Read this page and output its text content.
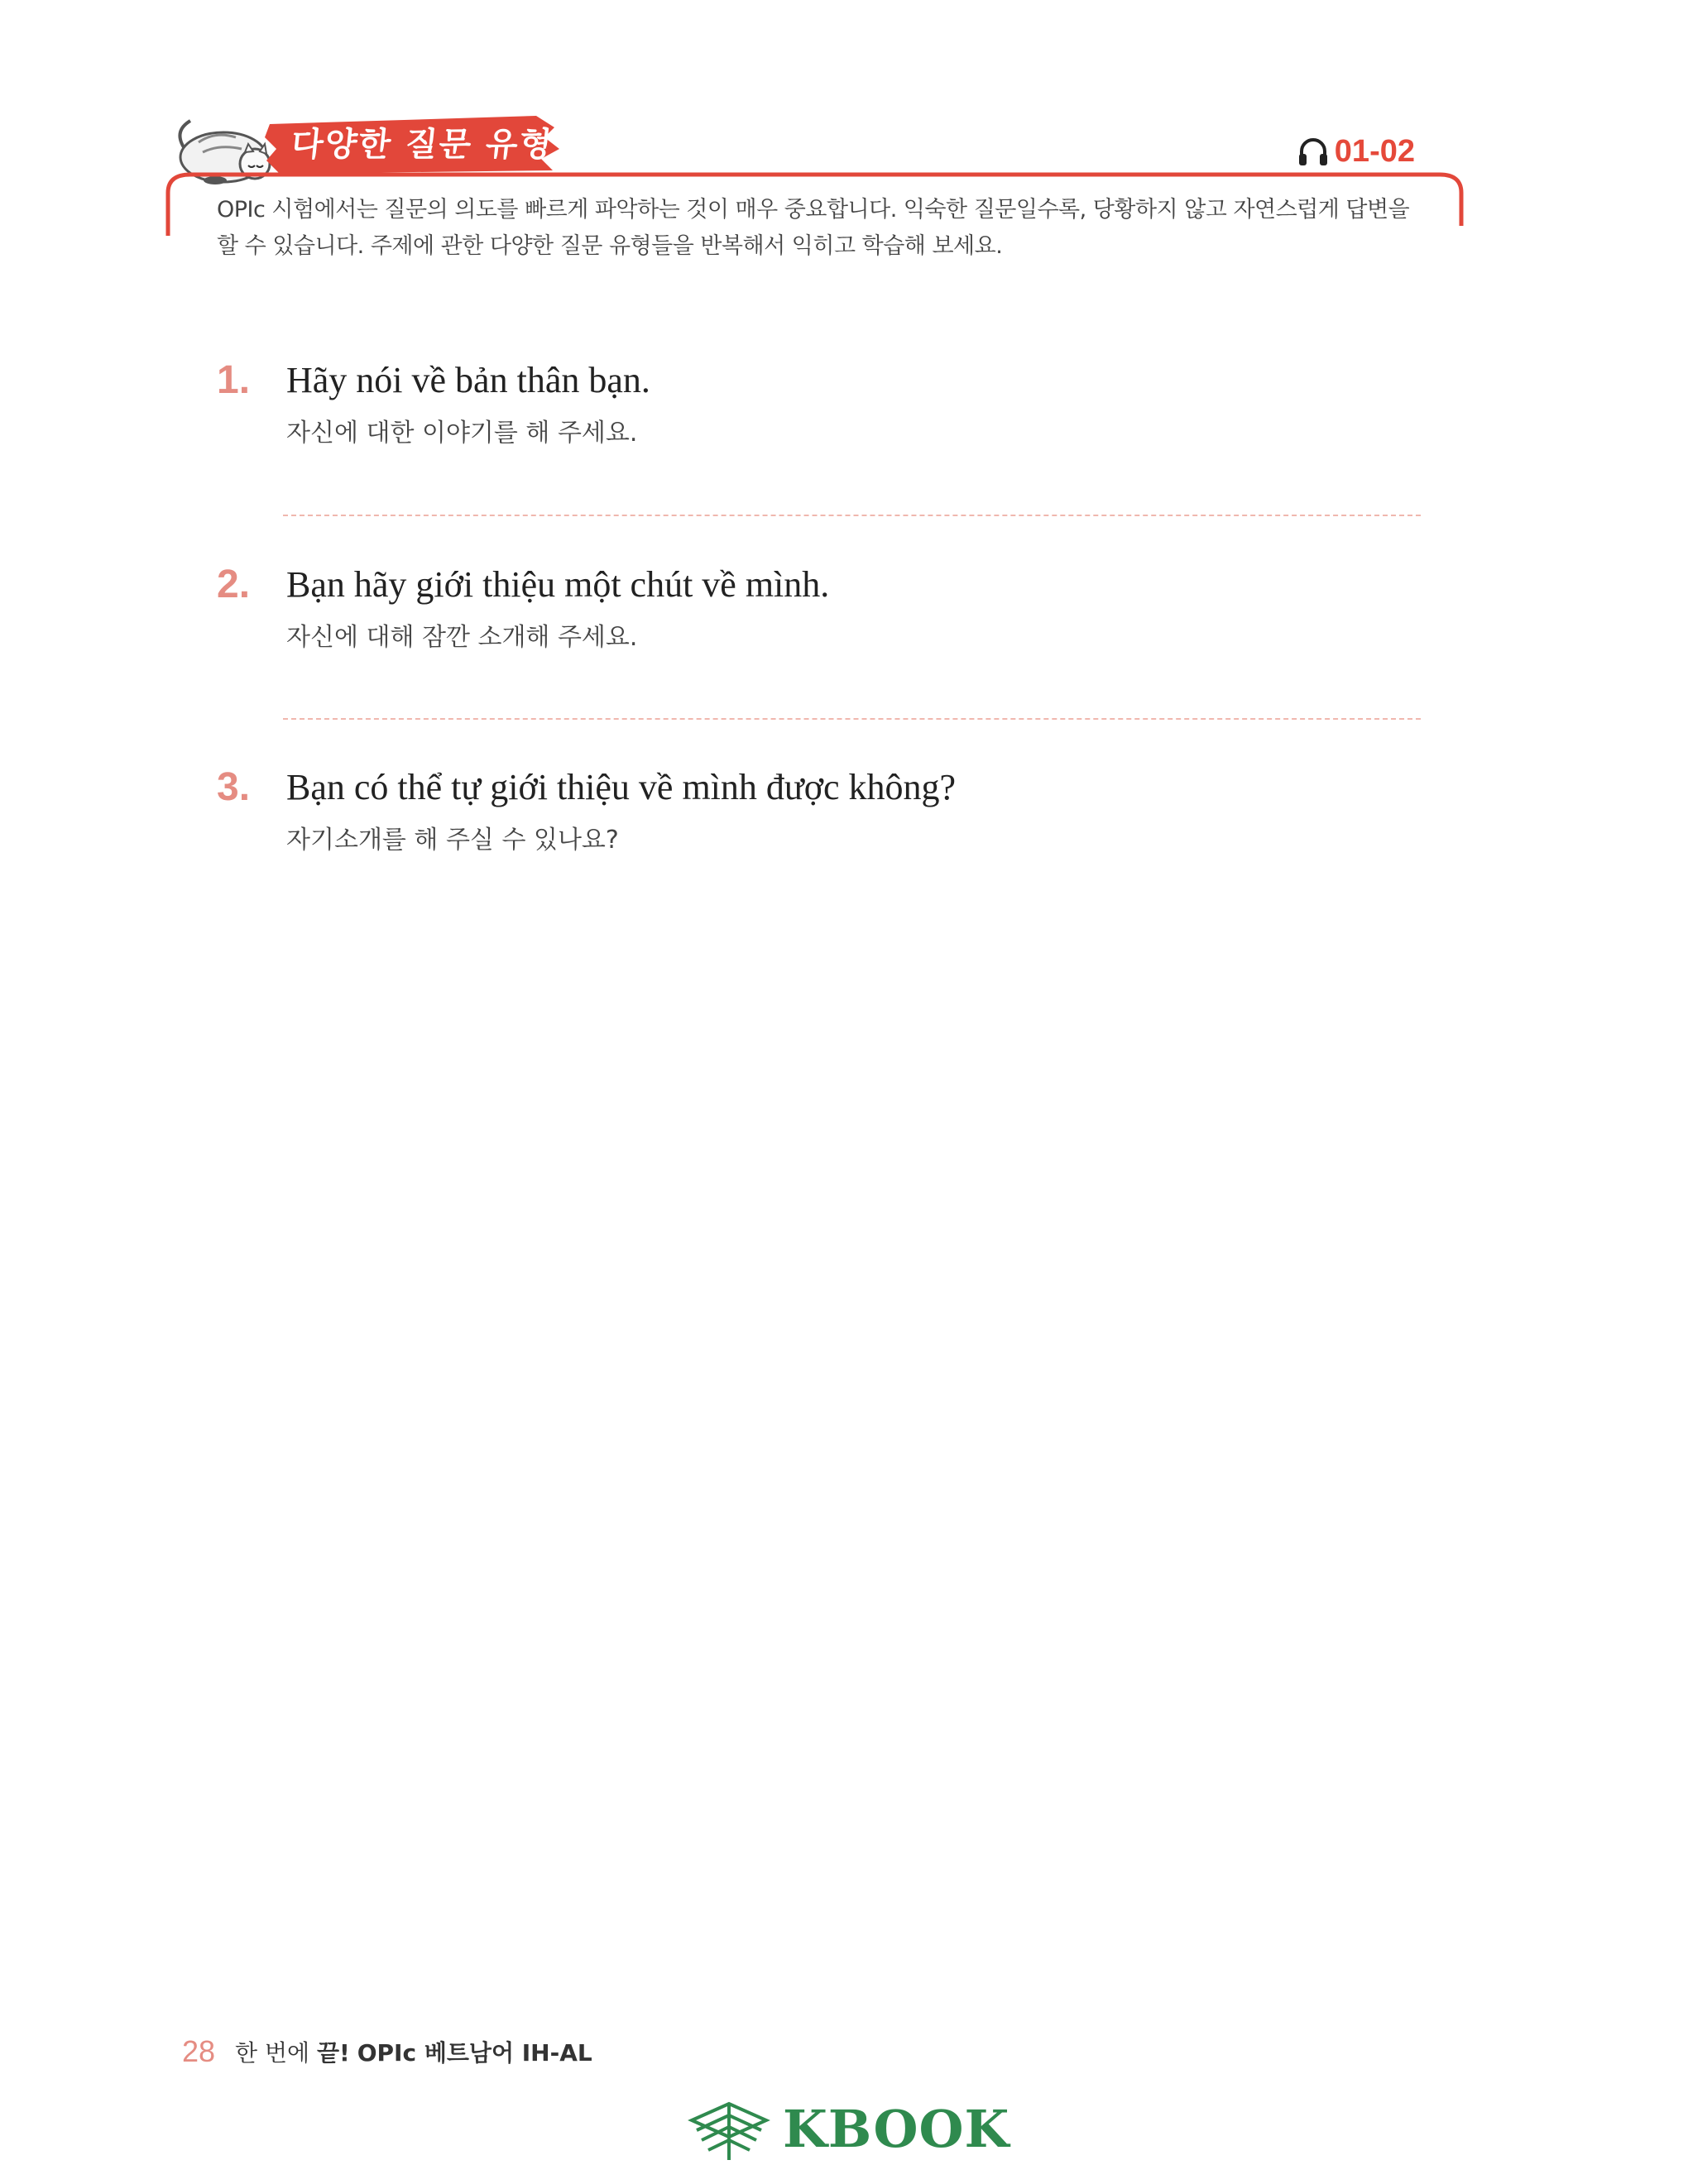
다양한 질문 유형	01-02
OPIc 시험에서는 질문의 의도를 빠르게 파악하는 것이 매우 중요합니다. 익숙한 질문일수록, 당황하지 않고 자연스럽게 답변을 할 수 있습니다. 주제에 관한 다양한 질문 유형들을 반복해서 익히고 학습해 보세요.
1. Hãy nói về bản thân bạn.
자신에 대한 이야기를 해 주세요.
2. Bạn hãy giới thiệu một chút về mình.
자신에 대해 잠깐 소개해 주세요.
3. Bạn có thể tự giới thiệu về mình được không?
자기소개를 해 주실 수 있나요?
28 한 번에 끝! OPIc 베트남어 IH-AL
KBOOK
